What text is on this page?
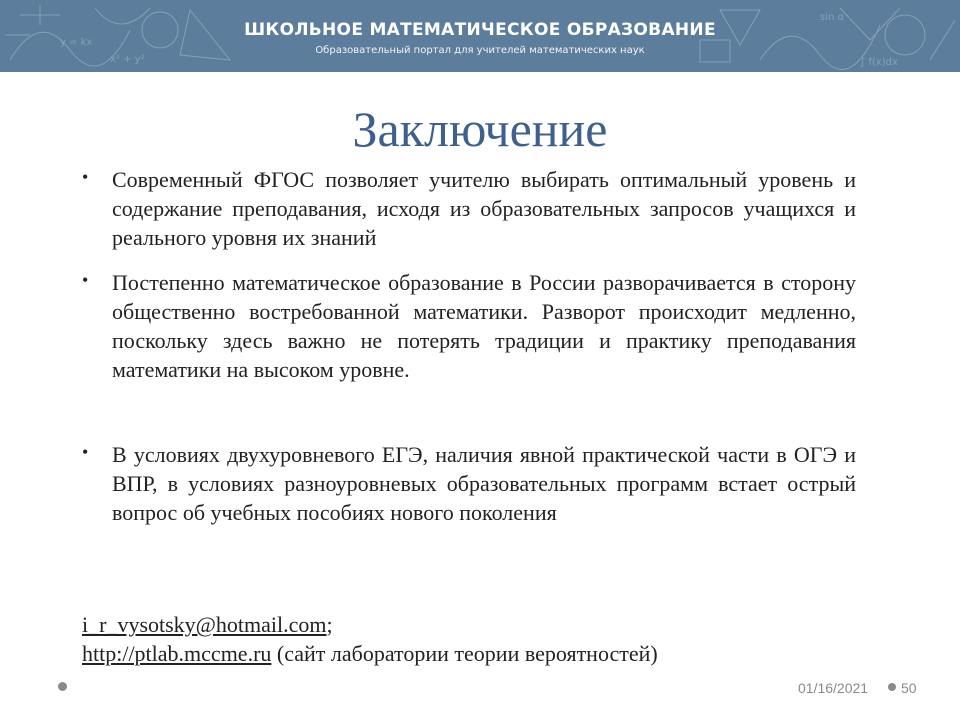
y = kx
x² + y²
sin α
∫ f(x)dx
ШКОЛЬНОЕ МАТЕМАТИЧЕСКОЕ ОБРАЗОВАНИЕ
Образовательный портал для учителей математических наук
Заключение
• Современный ФГОС позволяет учителю выбирать оптимальный уровень и содержание преподавания, исходя из образовательных запросов учащихся и реального уровня их знаний
• Постепенно математическое образование в России разворачивается в сторону общественно востребованной математики. Разворот происходит медленно, поскольку здесь важно не потерять традиции и практику преподавания математики на высоком уровне.
• В условиях двухуровневого ЕГЭ, наличия явной практической части в ОГЭ и ВПР, в условиях разноуровневых образовательных программ встает острый вопрос об учебных пособиях нового поколения
i_r_vysotsky@hotmail.com;
http://ptlab.mccme.ru (сайт лаборатории теории вероятностей)
01/16/2021 50
